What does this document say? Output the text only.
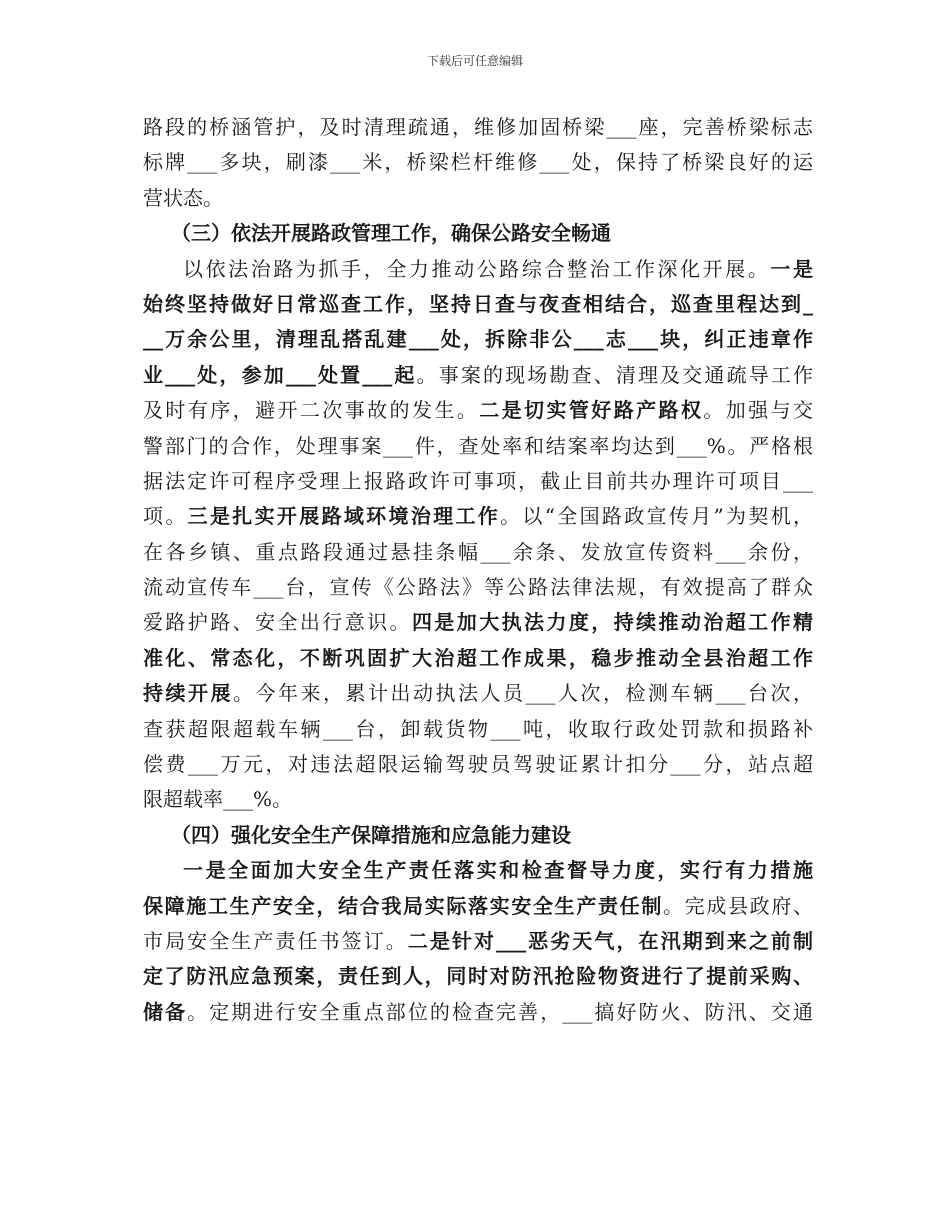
下载后可任意编辑
路段的桥涵管护，及时清理疏通，维修加固桥梁___座，完善桥梁标志
标牌___多块，刷漆___米，桥梁栏杆维修___处，保持了桥梁良好的运
营状态。
（三）依法开展路政管理工作，确保公路安全畅通
以依法治路为抓手，全力推动公路综合整治工作深化开展。一是
始终坚持做好日常巡查工作，坚持日查与夜查相结合，巡查里程达到_
__万余公里，清理乱搭乱建___处，拆除非公___志___块，纠正违章作
业___处，参加___处置___起。事案的现场勘查、清理及交通疏导工作
及时有序，避开二次事故的发生。二是切实管好路产路权。加强与交
警部门的合作，处理事案___件，查处率和结案率均达到___%。严格根
据法定许可程序受理上报路政许可事项，截止目前共办理许可项目___
项。三是扎实开展路域环境治理工作。以“全国路政宣传月”为契机，
在各乡镇、重点路段通过悬挂条幅___余条、发放宣传资料___余份，
流动宣传车___台，宣传《公路法》等公路法律法规，有效提高了群众
爱路护路、安全出行意识。四是加大执法力度，持续推动治超工作精
准化、常态化，不断巩固扩大治超工作成果，稳步推动全县治超工作
持续开展。今年来，累计出动执法人员___人次，检测车辆___台次，
查获超限超载车辆___台，卸载货物___吨，收取行政处罚款和损路补
偿费___万元，对违法超限运输驾驶员驾驶证累计扣分___分，站点超
限超载率___%。
（四）强化安全生产保障措施和应急能力建设
一是全面加大安全生产责任落实和检查督导力度，实行有力措施
保障施工生产安全，结合我局实际落实安全生产责任制。完成县政府、
市局安全生产责任书签订。二是针对___恶劣天气，在汛期到来之前制
定了防汛应急预案，责任到人，同时对防汛抢险物资进行了提前采购、
储备。定期进行安全重点部位的检查完善，___搞好防火、防汛、交通
